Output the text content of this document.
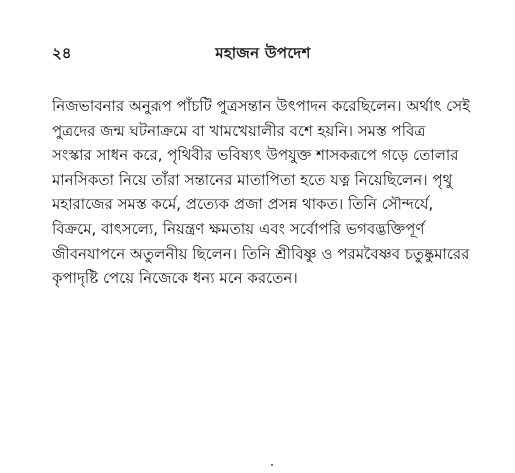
২৪	মহাজন উপদেশ
নিজভাবনার অনুরূপ পাঁচটি পুত্রসন্তান উৎপাদন করেছিলেন। অর্থাৎ সেই
পুত্রদের জন্ম ঘটনাক্রমে বা খামখেয়ালীর বশে হয়নি। সমস্ত পবিত্র
সংস্কার সাধন করে, পৃথিবীর ভবিষ্যৎ উপযুক্ত শাসকরূপে গড়ে তোলার
মানসিকতা নিয়ে তাঁরা সন্তানের মাতাপিতা হতে যত্ন নিয়েছিলেন। পৃথু
মহারাজের সমস্ত কর্মে, প্রত্যেক প্রজা প্রসন্ন থাকত। তিনি সৌন্দর্যে,
বিক্রমে, বাৎসল্যে, নিয়ন্ত্রণ ক্ষমতায় এবং সর্বোপরি ভগবদ্ভক্তিপূর্ণ
জীবনযাপনে অতুলনীয় ছিলেন। তিনি শ্রীবিষ্ণু ও পরমবৈষ্ণব চতুষ্কুমারের
কৃপাদৃষ্টি পেয়ে নিজেকে ধন্য মনে করতেন।
